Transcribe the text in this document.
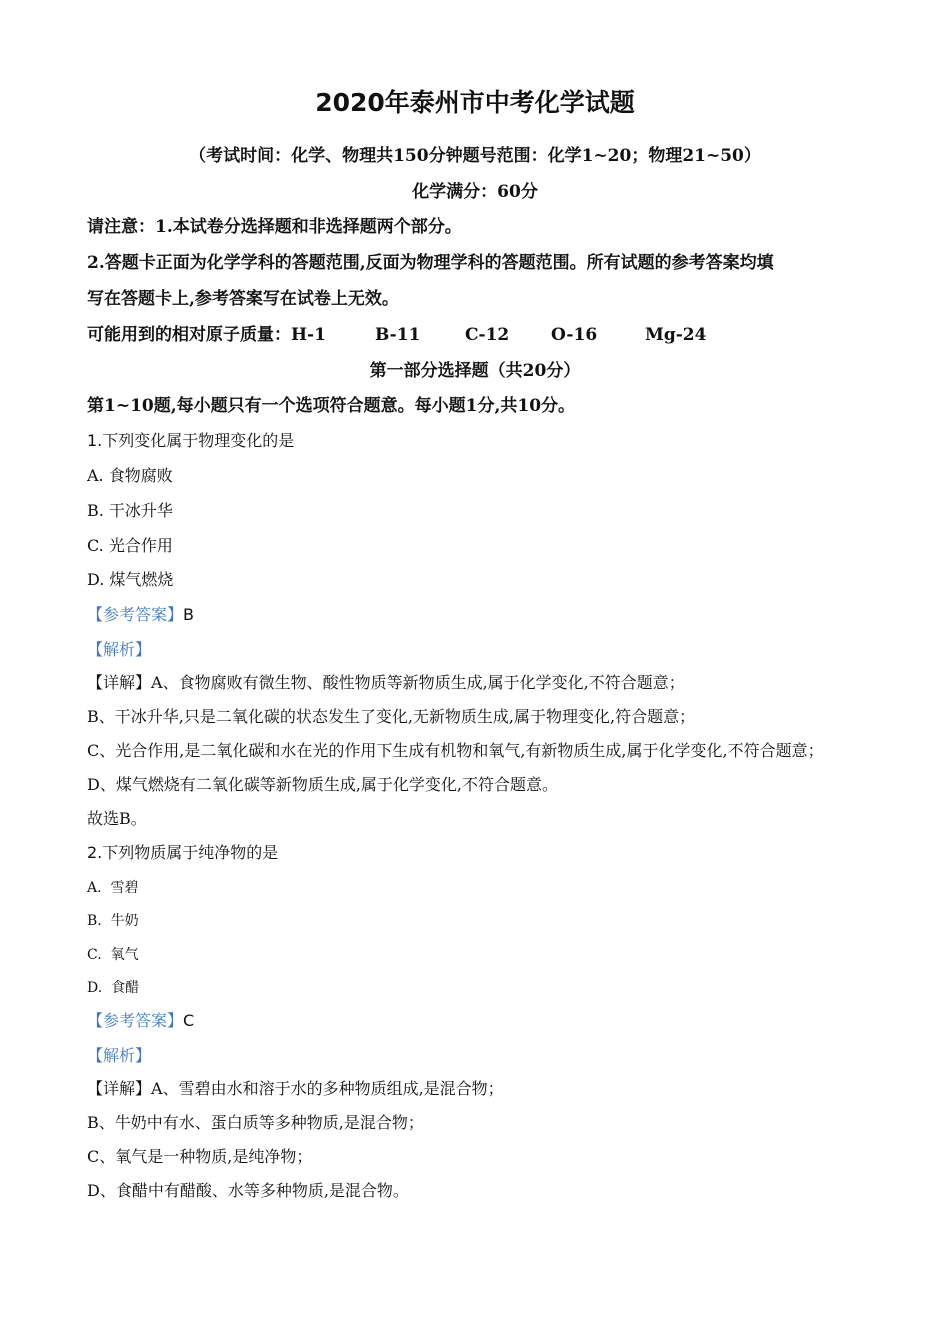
2020年泰州市中考化学试题
（考试时间：化学、物理共150分钟题号范围：化学1~20；物理21~50）
化学满分：60分
请注意：1.本试卷分选择题和非选择题两个部分。
2.答题卡正面为化学学科的答题范围,反面为物理学科的答题范围。所有试题的参考答案均填
写在答题卡上,参考答案写在试卷上无效。
可能用到的相对原子质量：H-1	B-11	C-12 O-16	Mg-24
第一部分选择题（共20分）
第1~10题,每小题只有一个选项符合题意。每小题1分,共10分。
1.下列变化属于物理变化的是
A. 食物腐败
B. 干冰升华
C. 光合作用
D. 煤气燃烧
【参考答案】B
【解析】
【详解】A、食物腐败有微生物、酸性物质等新物质生成,属于化学变化,不符合题意；
B、干冰升华,只是二氧化碳的状态发生了变化,无新物质生成,属于物理变化,符合题意；
C、光合作用,是二氧化碳和水在光的作用下生成有机物和氧气,有新物质生成,属于化学变化,不符合题意；
D、煤气燃烧有二氧化碳等新物质生成,属于化学变化,不符合题意。
故选B。
2.下列物质属于纯净物的是
A.  雪碧
B.  牛奶
C.  氧气
D.  食醋
【参考答案】C
【解析】
【详解】A、雪碧由水和溶于水的多种物质组成,是混合物；
B、牛奶中有水、蛋白质等多种物质,是混合物；
C、氧气是一种物质,是纯净物；
D、食醋中有醋酸、水等多种物质,是混合物。
